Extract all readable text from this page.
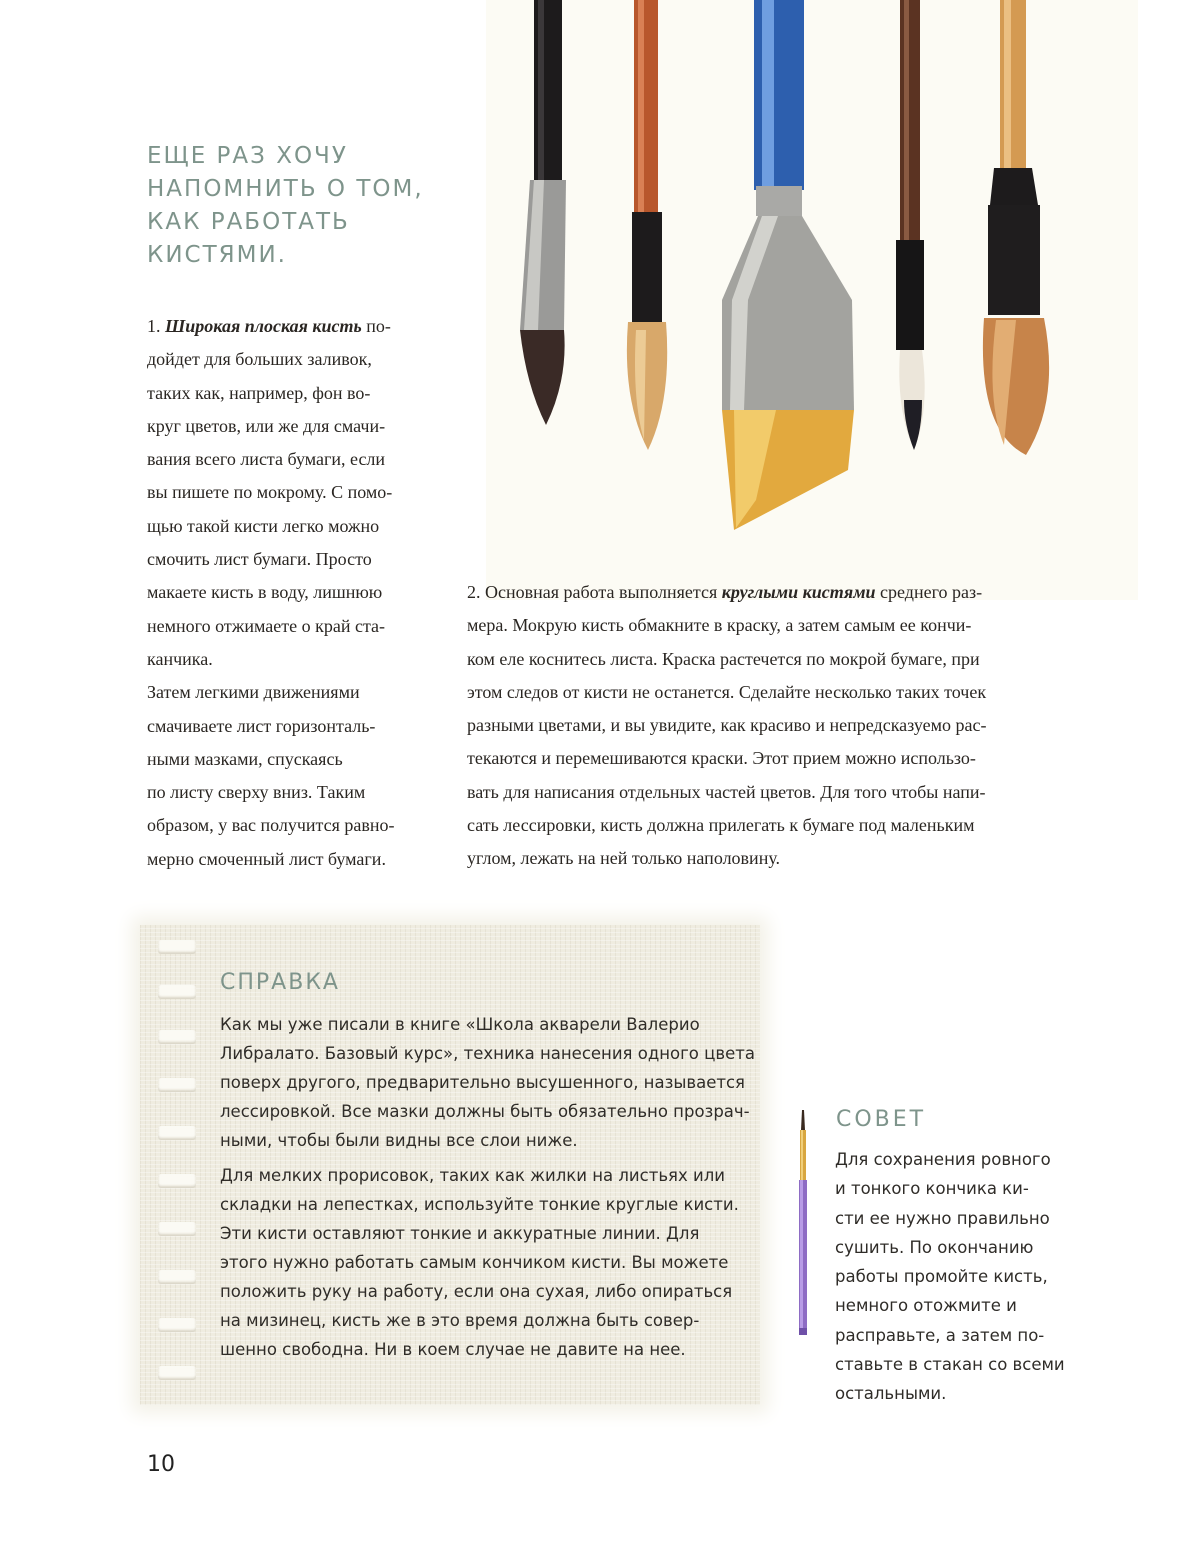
ЕЩЕ РАЗ ХОЧУ
НАПОМНИТЬ О ТОМ,
КАК РАБОТАТЬ
КИСТЯМИ.
1. Широкая плоская кисть по-
дойдет для больших заливок,
таких как, например, фон во-
круг цветов, или же для смачи-
вания всего листа бумаги, если
вы пишете по мокрому. С помо-
щью такой кисти легко можно
смочить лист бумаги. Просто
макаете кисть в воду, лишнюю
немного отжимаете о край ста-
канчика.
Затем легкими движениями
смачиваете лист горизонталь-
ными мазками, спускаясь
по листу сверху вниз. Таким
образом, у вас получится равно-
мерно смоченный лист бумаги.
2. Основная работа выполняется круглыми кистями среднего раз-
мера. Мокрую кисть обмакните в краску, а затем самым ее кончи-
ком еле коснитесь листа. Краска растечется по мокрой бумаге, при
этом следов от кисти не останется. Сделайте несколько таких точек
разными цветами, и вы увидите, как красиво и непредсказуемо рас-
текаются и перемешиваются краски. Этот прием можно использо-
вать для написания отдельных частей цветов. Для того чтобы напи-
сать лессировки, кисть должна прилегать к бумаге под маленьким
углом, лежать на ней только наполовину.
СПРАВКА
Как мы уже писали в книге «Школа акварели Валерио
Либралато. Базовый курс», техника нанесения одного цвета
поверх другого, предварительно высушенного, называется
лессировкой. Все мазки должны быть обязательно прозрач-
ными, чтобы были видны все слои ниже.
Для мелких прорисовок, таких как жилки на листьях или
складки на лепестках, используйте тонкие круглые кисти.
Эти кисти оставляют тонкие и аккуратные линии. Для
этого нужно работать самым кончиком кисти. Вы можете
положить руку на работу, если она сухая, либо опираться
на мизинец, кисть же в это время должна быть совер-
шенно свободна. Ни в коем случае не давите на нее.
СОВЕТ
Для сохранения ровного
и тонкого кончика ки-
сти ее нужно правильно
сушить. По окончанию
работы промойте кисть,
немного отожмите и
расправьте, а затем по-
ставьте в стакан со всеми
остальными.
10
